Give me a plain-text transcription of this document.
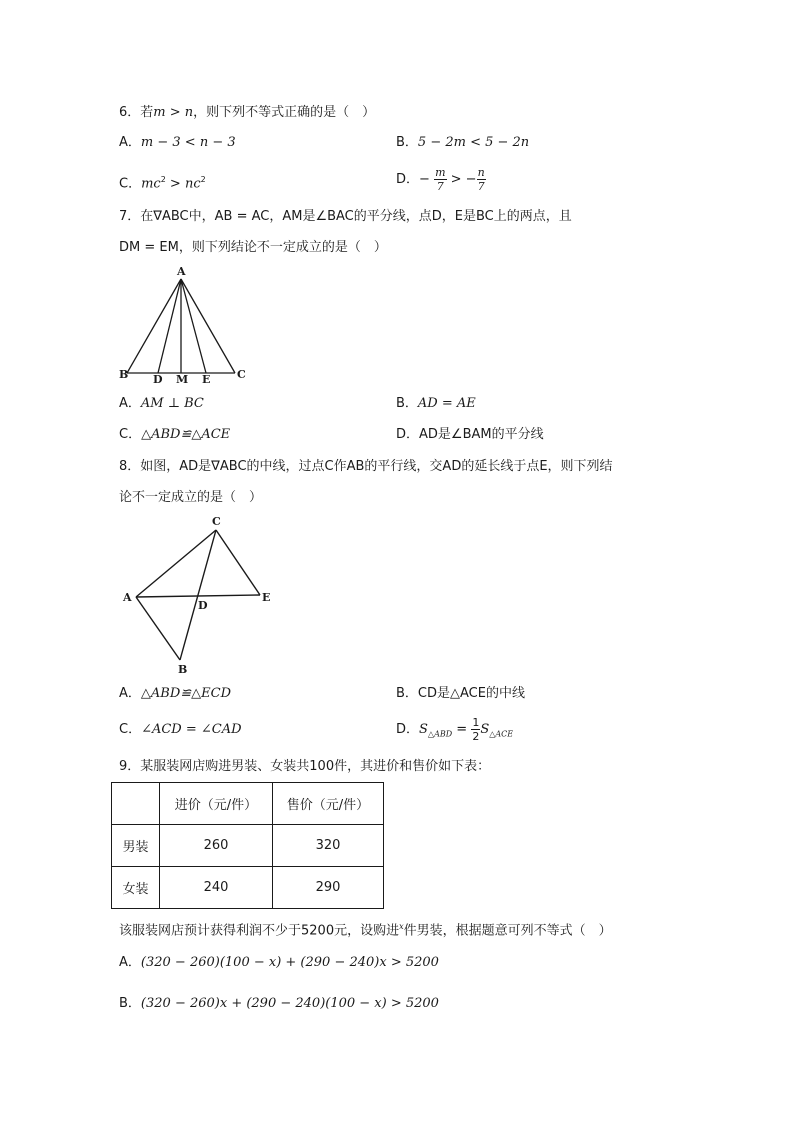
6．若m > n，则下列不等式正确的是（　）
A．m − 3 < n − 3	B．5 − 2m < 5 − 2n
C．$mc^2 > nc^2$	D．− $\frac{m}{7}$ > − $\frac{n}{7}$
7．在∇ABC中，AB = AC，AM是∠BAC的平分线，点D，E是BC上的两点，且
DM = EM，则下列结论不一定成立的是（　）
A
B D M E C
A．AM ⊥ BC	B．AD = AE
C．△ABD≌△ACE	D．AD是∠BAM的平分线
8．如图，AD是∇ABC的中线，过点C作AB的平行线，交AD的延长线于点E，则下列结
论不一定成立的是（　）
C
A
D
E
B
A．△ABD≌△ECD	B．CD是△ACE的中线
C．∠ACD = ∠CAD	D．$S_{\triangle ABD} = \frac{1}{2} S_{\triangle ACE}$
9．某服装网店购进男装、女装共100件，其进价和售价如下表：
	进价（元/件）	售价（元/件）
男装	260	320
女装	240	290
该服装网店预计获得利润不少于5200元，设购进$^x$件男装，根据题意可列不等式（　）
A．(320 − 260)(100 − x) + (290 − 240)x > 5200
B．(320 − 260)x + (290 − 240)(100 − x) > 5200
